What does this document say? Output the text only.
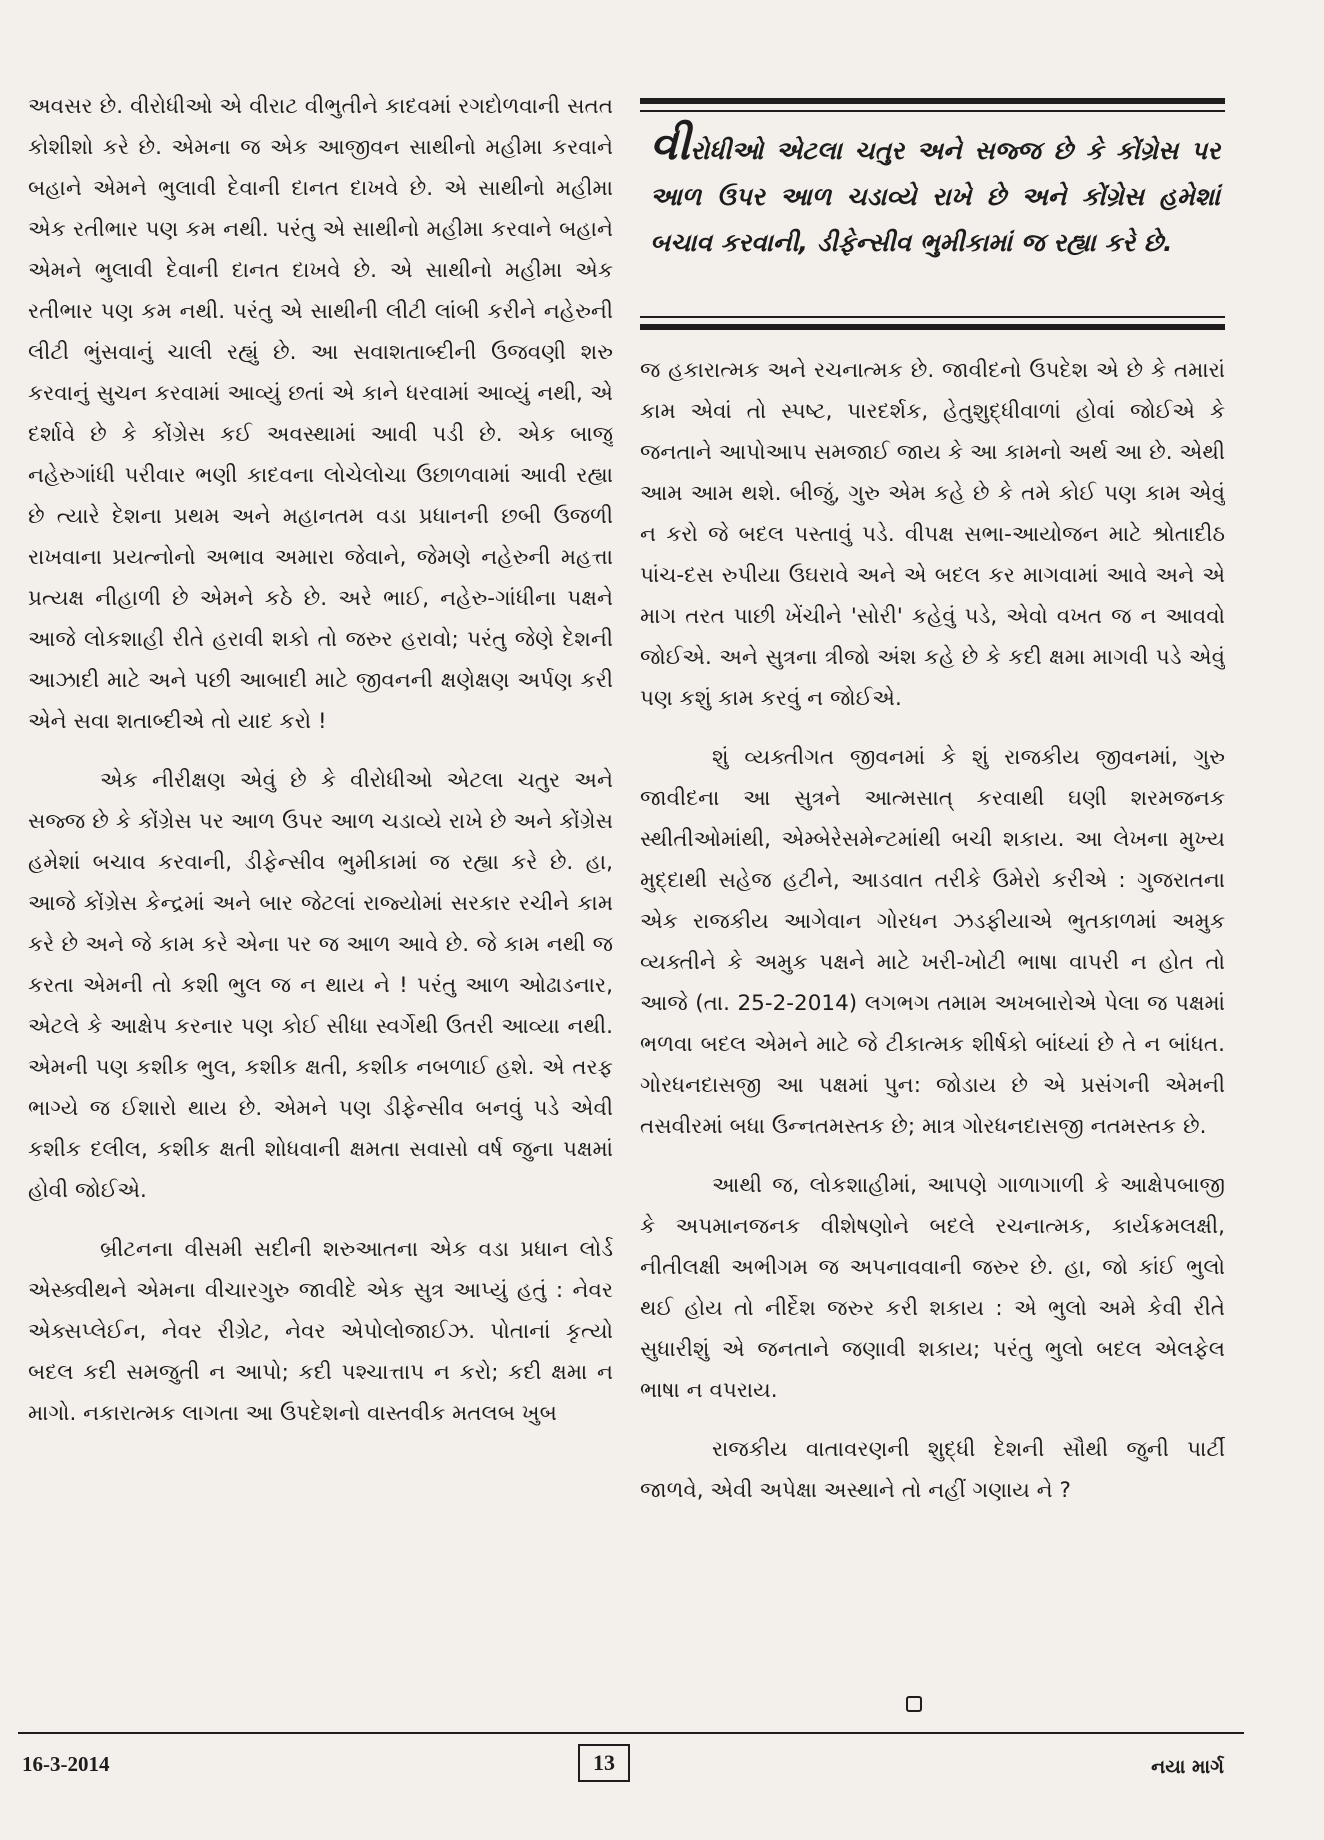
અવસર છે. વીરોધીઓ એ વીરાટ વીભુતીને કાદવમાં રગદોળવાની સતત કોશીશો કરે છે. એમના જ એક આજીવન સાથીનો મહીમા કરવાને બહાને એમને ભુલાવી દેવાની દાનત દાખવે છે. એ સાથીનો મહીમા એક રતીભાર પણ કમ નથી. પરંતુ એ સાથીનો મહીમા કરવાને બહાને એમને ભુલાવી દેવાની દાનત દાખવે છે. એ સાથીનો મહીમા એક રતીભાર પણ કમ નથી. પરંતુ એ સાથીની લીટી લાંબી કરીને નહેરુની લીટી ભુંસવાનું ચાલી રહ્યું છે. આ સવાશતાબ્દીની ઉજવણી શરુ કરવાનું સુચન કરવામાં આવ્યું છતાં એ કાને ધરવામાં આવ્યું નથી, એ દર્શાવે છે કે કોંગ્રેસ કઈ અવસ્થામાં આવી પડી છે. એક બાજુ નહેરુગાંધી પરીવાર ભણી કાદવના લોચેલોચા ઉછાળવામાં આવી રહ્યા છે ત્યારે દેશના પ્રથમ અને મહાનતમ વડા પ્રધાનની છબી ઉજળી રાખવાના પ્રયત્નોનો અભાવ અમારા જેવાને, જેમણે નહેરુની મહત્તા પ્રત્યક્ષ નીહાળી છે એમને કઠે છે. અરે ભાઈ, નહેરુ-ગાંધીના પક્ષને આજે લોકશાહી રીતે હરાવી શકો તો જરુર હરાવો; પરંતુ જેણે દેશની આઝાદી માટે અને પછી આબાદી માટે જીવનની ક્ષણેક્ષણ અર્પણ કરી એને સવા શતાબ્દીએ તો યાદ કરો !

એક નીરીક્ષણ એવું છે કે વીરોધીઓ એટલા ચતુર અને સજ્જ છે કે કોંગ્રેસ પર આળ ઉપર આળ ચડાવ્યે રાખે છે અને કોંગ્રેસ હમેશાં બચાવ કરવાની, ડીફેન્સીવ ભુમીકામાં જ રહ્યા કરે છે. હા, આજે કોંગ્રેસ કેન્દ્રમાં અને બાર જેટલાં રાજ્યોમાં સરકાર રચીને કામ કરે છે અને જે કામ કરે એના પર જ આળ આવે છે. જે કામ નથી જ કરતા એમની તો કશી ભુલ જ ન થાય ને ! પરંતુ આળ ઓઢાડનાર, એટલે કે આક્ષેપ કરનાર પણ કોઈ સીધા સ્વર્ગેથી ઉતરી આવ્યા નથી. એમની પણ કશીક ભુલ, કશીક ક્ષતી, કશીક નબળાઈ હશે. એ તરફ ભાગ્યે જ ઈશારો થાય છે. એમને પણ ડીફેન્સીવ બનવું પડે એવી કશીક દલીલ, કશીક ક્ષતી શોધવાની ક્ષમતા સવાસો વર્ષ જુના પક્ષમાં હોવી જોઈએ.

બ્રીટનના વીસમી સદીની શરુઆતના એક વડા પ્રધાન લોર્ડ એસ્ક્વીથને એમના વીચારગુરુ જાવીદે એક સુત્ર આપ્યું હતું : નેવર એક્સપ્લેઈન, નેવર રીગ્રેટ, નેવર એપોલોજાઈઝ. પોતાનાં કૃત્યો બદલ કદી સમજુતી ન આપો; કદી પશ્ચાત્તાપ ન કરો; કદી ક્ષમા ન માગો. નકારાત્મક લાગતા આ ઉપદેશનો વાસ્તવીક મતલબ ખુબ

વીરોધીઓ એટલા ચતુર અને સજ્જ છે કે કોંગ્રેસ પર આળ ઉપર આળ ચડાવ્યે રાખે છે અને કોંગ્રેસ હમેશાં બચાવ કરવાની, ડીફેન્સીવ ભુમીકામાં જ રહ્યા કરે છે.

જ હકારાત્મક અને રચનાત્મક છે. જાવીદનો ઉપદેશ એ છે કે તમારાં કામ એવાં તો સ્પષ્ટ, પારદર્શક, હેતુશુદ્ધીવાળાં હોવાં જોઈએ કે જનતાને આપોઆપ સમજાઈ જાય કે આ કામનો અર્થ આ છે. એથી આમ આમ થશે. બીજું, ગુરુ એમ કહે છે કે તમે કોઈ પણ કામ એવું ન કરો જે બદલ પસ્તાવું પડે. વીપક્ષ સભા-આયોજન માટે શ્રોતાદીઠ પાંચ-દસ રુપીયા ઉઘરાવે અને એ બદલ કર માગવામાં આવે અને એ માગ તરત પાછી ખેંચીને 'સોરી' કહેવું પડે, એવો વખત જ ન આવવો જોઈએ. અને સુત્રના ત્રીજો અંશ કહે છે કે કદી ક્ષમા માગવી પડે એવું પણ કશું કામ કરવું ન જોઈએ.

શું વ્યક્તીગત જીવનમાં કે શું રાજકીય જીવનમાં, ગુરુ જાવીદના આ સુત્રને આત્મસાત્ કરવાથી ઘણી શરમજનક સ્થીતીઓમાંથી, એમ્બેરેસમેન્ટમાંથી બચી શકાય. આ લેખના મુખ્ય મુદ્દાથી સહેજ હટીને, આડવાત તરીકે ઉમેરો કરીએ : ગુજરાતના એક રાજકીય આગેવાન ગોરધન ઝડફીયાએ ભુતકાળમાં અમુક વ્યક્તીને કે અમુક પક્ષને માટે ખરી-ખોટી ભાષા વાપરી ન હોત તો આજે (તા. 25-2-2014) લગભગ તમામ અખબારોએ પેલા જ પક્ષમાં ભળવા બદલ એમને માટે જે ટીકાત્મક શીર્ષકો બાંધ્યાં છે તે ન બાંધત. ગોરધનદાસજી આ પક્ષમાં પુન: જોડાય છે એ પ્રસંગની એમની તસવીરમાં બધા ઉન્નતમસ્તક છે; માત્ર ગોરધનદાસજી નતમસ્તક છે.

આથી જ, લોકશાહીમાં, આપણે ગાળાગાળી કે આક્ષેપબાજી કે અપમાનજનક વીશેષણોને બદલે રચનાત્મક, કાર્યક્રમલક્ષી, નીતીલક્ષી અભીગમ જ અપનાવવાની જરુર છે. હા, જો કાંઈ ભુલો થઈ હોય તો નીર્દેશ જરુર કરી શકાય : એ ભુલો અમે કેવી રીતે સુધારીશું એ જનતાને જણાવી શકાય; પરંતુ ભુલો બદલ એલફેલ ભાષા ન વપરાય.

રાજકીય વાતાવરણની શુદ્ધી દેશની સૌથી જુની પાર્ટી જાળવે, એવી અપેક્ષા અસ્થાને તો નહીં ગણાય ને ?

16-3-2014	13	નયા માર્ગ
